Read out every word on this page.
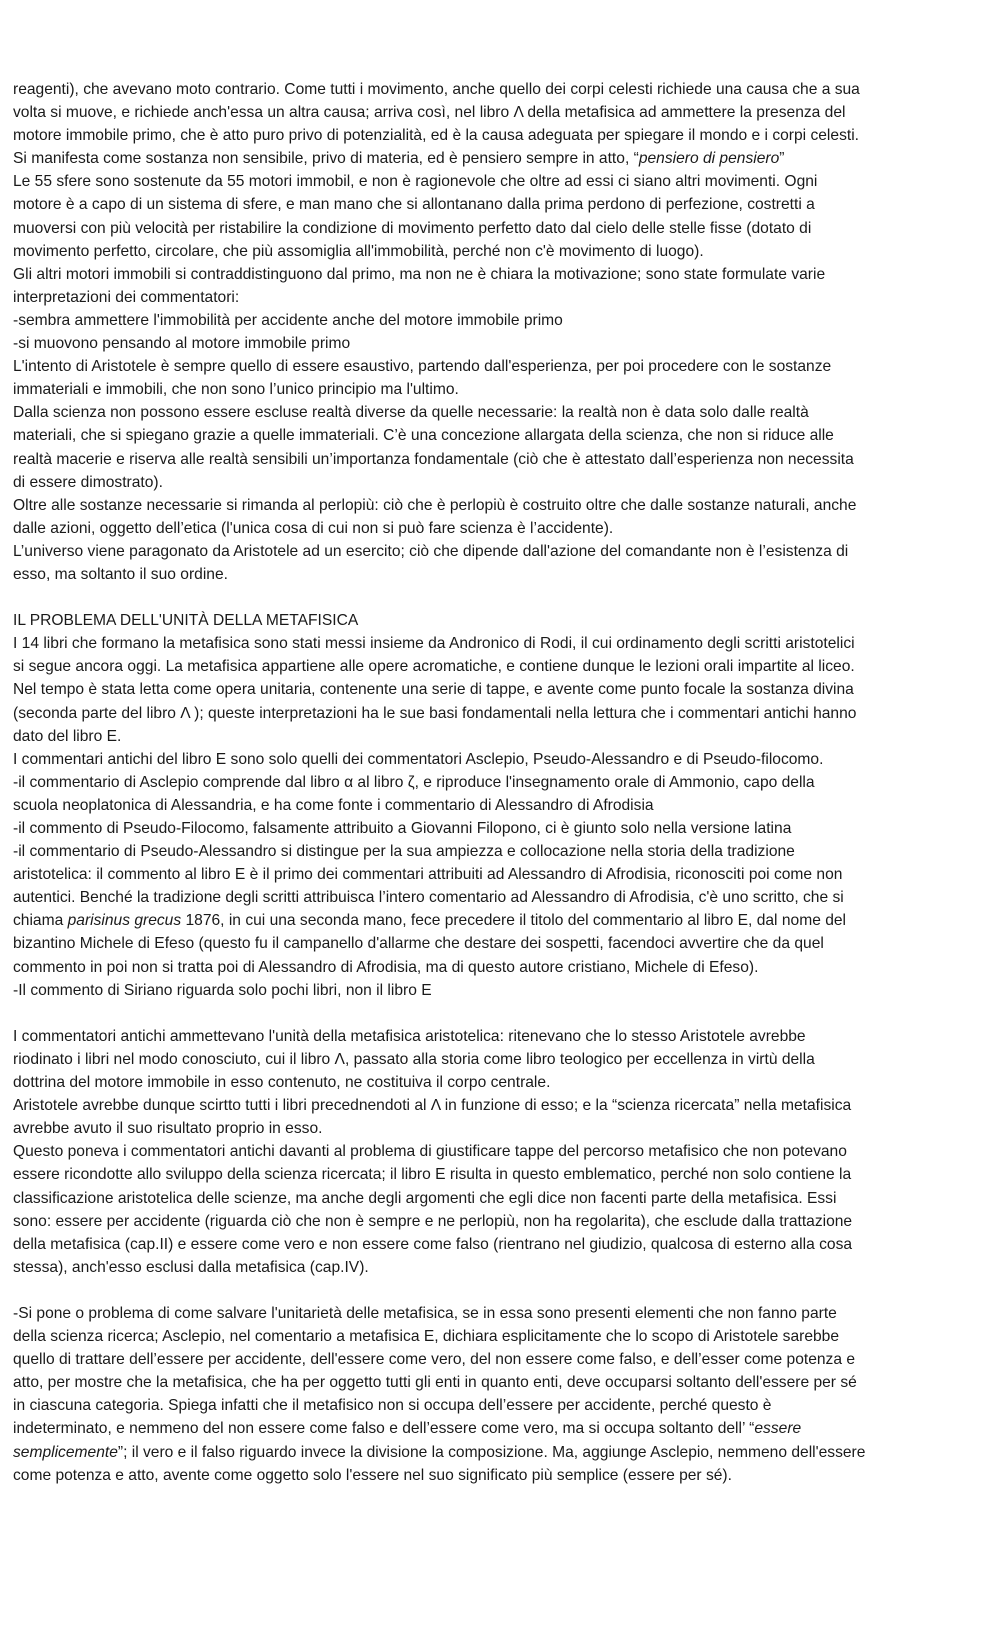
reagenti), che avevano moto contrario. Come tutti i movimento, anche quello dei corpi celesti richiede una causa che a sua
volta si muove, e richiede anch'essa un altra causa; arriva così, nel libro Λ della metafisica ad ammettere la presenza del
motore immobile primo, che è atto puro privo di potenzialità, ed è la causa adeguata per spiegare il mondo e i corpi celesti.
Si manifesta come sostanza non sensibile, privo di materia, ed è pensiero sempre in atto, “pensiero di pensiero”
Le 55 sfere sono sostenute da 55 motori immobil, e non è ragionevole che oltre ad essi ci siano altri movimenti. Ogni
motore è a capo di un sistema di sfere, e man mano che si allontanano dalla prima perdono di perfezione, costretti a
muoversi con più velocità per ristabilire la condizione di movimento perfetto dato dal cielo delle stelle fisse (dotato di
movimento perfetto, circolare, che più assomiglia all'immobilità, perché non c'è movimento di luogo).
Gli altri motori immobili si contraddistinguono dal primo, ma non ne è chiara la motivazione; sono state formulate varie
interpretazioni dei commentatori:
-sembra ammettere l'immobilità per accidente anche del motore immobile primo
-si muovono pensando al motore immobile primo
L'intento di Aristotele è sempre quello di essere esaustivo, partendo dall'esperienza, per poi procedere con le sostanze
immateriali e immobili, che non sono l’unico principio ma l'ultimo.
Dalla scienza non possono essere escluse realtà diverse da quelle necessarie: la realtà non è data solo dalle realtà
materiali, che si spiegano grazie a quelle immateriali. C’è una concezione allargata della scienza, che non si riduce alle
realtà macerie e riserva alle realtà sensibili un’importanza fondamentale (ciò che è attestato dall’esperienza non necessita
di essere dimostrato).
Oltre alle sostanze necessarie si rimanda al perlopiù: ciò che è perlopiù è costruito oltre che dalle sostanze naturali, anche
dalle azioni, oggetto dell’etica (l'unica cosa di cui non si può fare scienza è l’accidente).
L’universo viene paragonato da Aristotele ad un esercito; ciò che dipende dall'azione del comandante non è l’esistenza di
esso, ma soltanto il suo ordine.
IL PROBLEMA DELL'UNITÀ DELLA METAFISICA
I 14 libri che formano la metafisica sono stati messi insieme da Andronico di Rodi, il cui ordinamento degli scritti aristotelici
si segue ancora oggi. La metafisica appartiene alle opere acromatiche, e contiene dunque le lezioni orali impartite al liceo.
Nel tempo è stata letta come opera unitaria, contenente una serie di tappe, e avente come punto focale la sostanza divina
(seconda parte del libro Λ ); queste interpretazioni ha le sue basi fondamentali nella lettura che i commentari antichi hanno
dato del libro E.
I commentari antichi del libro E sono solo quelli dei commentatori Asclepio, Pseudo-Alessandro e di Pseudo-filocomo.
-il commentario di Asclepio comprende dal libro α al libro ζ, e riproduce l'insegnamento orale di Ammonio, capo della
scuola neoplatonica di Alessandria, e ha come fonte i commentario di Alessandro di Afrodisia
-il commento di Pseudo-Filocomo, falsamente attribuito a Giovanni Filopono, ci è giunto solo nella versione latina
-il commentario di Pseudo-Alessandro si distingue per la sua ampiezza e collocazione nella storia della tradizione
aristotelica: il commento al libro E è il primo dei commentari attribuiti ad Alessandro di Afrodisia, riconosciti poi come non
autentici. Benché la tradizione degli scritti attribuisca l’intero comentario ad Alessandro di Afrodisia, c'è uno scritto, che si
chiama parisinus grecus 1876, in cui una seconda mano, fece precedere il titolo del commentario al libro E, dal nome del
bizantino Michele di Efeso (questo fu il campanello d'allarme che destare dei sospetti, facendoci avvertire che da quel
commento in poi non si tratta poi di Alessandro di Afrodisia, ma di questo autore cristiano, Michele di Efeso).
-Il commento di Siriano riguarda solo pochi libri, non il libro E
I commentatori antichi ammettevano l'unità della metafisica aristotelica: ritenevano che lo stesso Aristotele avrebbe
riodinato i libri nel modo conosciuto, cui il libro Λ, passato alla storia come libro teologico per eccellenza in virtù della
dottrina del motore immobile in esso contenuto, ne costituiva il corpo centrale.
Aristotele avrebbe dunque scirtto tutti i libri precednendoti al Λ in funzione di esso; e la “scienza ricercata” nella metafisica
avrebbe avuto il suo risultato proprio in esso.
Questo poneva i commentatori antichi davanti al problema di giustificare tappe del percorso metafisico che non potevano
essere ricondotte allo sviluppo della scienza ricercata; il libro E risulta in questo emblematico, perché non solo contiene la
classificazione aristotelica delle scienze, ma anche degli argomenti che egli dice non facenti parte della metafisica. Essi
sono: essere per accidente (riguarda ciò che non è sempre e ne perlopiù, non ha regolarita), che esclude dalla trattazione
della metafisica (cap.II) e essere come vero e non essere come falso (rientrano nel giudizio, qualcosa di esterno alla cosa
stessa), anch'esso esclusi dalla metafisica (cap.IV).
-Si pone o problema di come salvare l'unitarietà delle metafisica, se in essa sono presenti elementi che non fanno parte
della scienza ricerca; Asclepio, nel comentario a metafisica E, dichiara esplicitamente che lo scopo di Aristotele sarebbe
quello di trattare dell’essere per accidente, dell'essere come vero, del non essere come falso, e dell’esser come potenza e
atto, per mostre che la metafisica, che ha per oggetto tutti gli enti in quanto enti, deve occuparsi soltanto dell'essere per sé
in ciascuna categoria. Spiega infatti che il metafisico non si occupa dell’essere per accidente, perché questo è
indeterminato, e nemmeno del non essere come falso e dell’essere come vero, ma si occupa soltanto dell’ “essere
semplicemente”; il vero e il falso riguardo invece la divisione la composizione. Ma, aggiunge Asclepio, nemmeno dell'essere
come potenza e atto, avente come oggetto solo l'essere nel suo significato più semplice (essere per sé).
